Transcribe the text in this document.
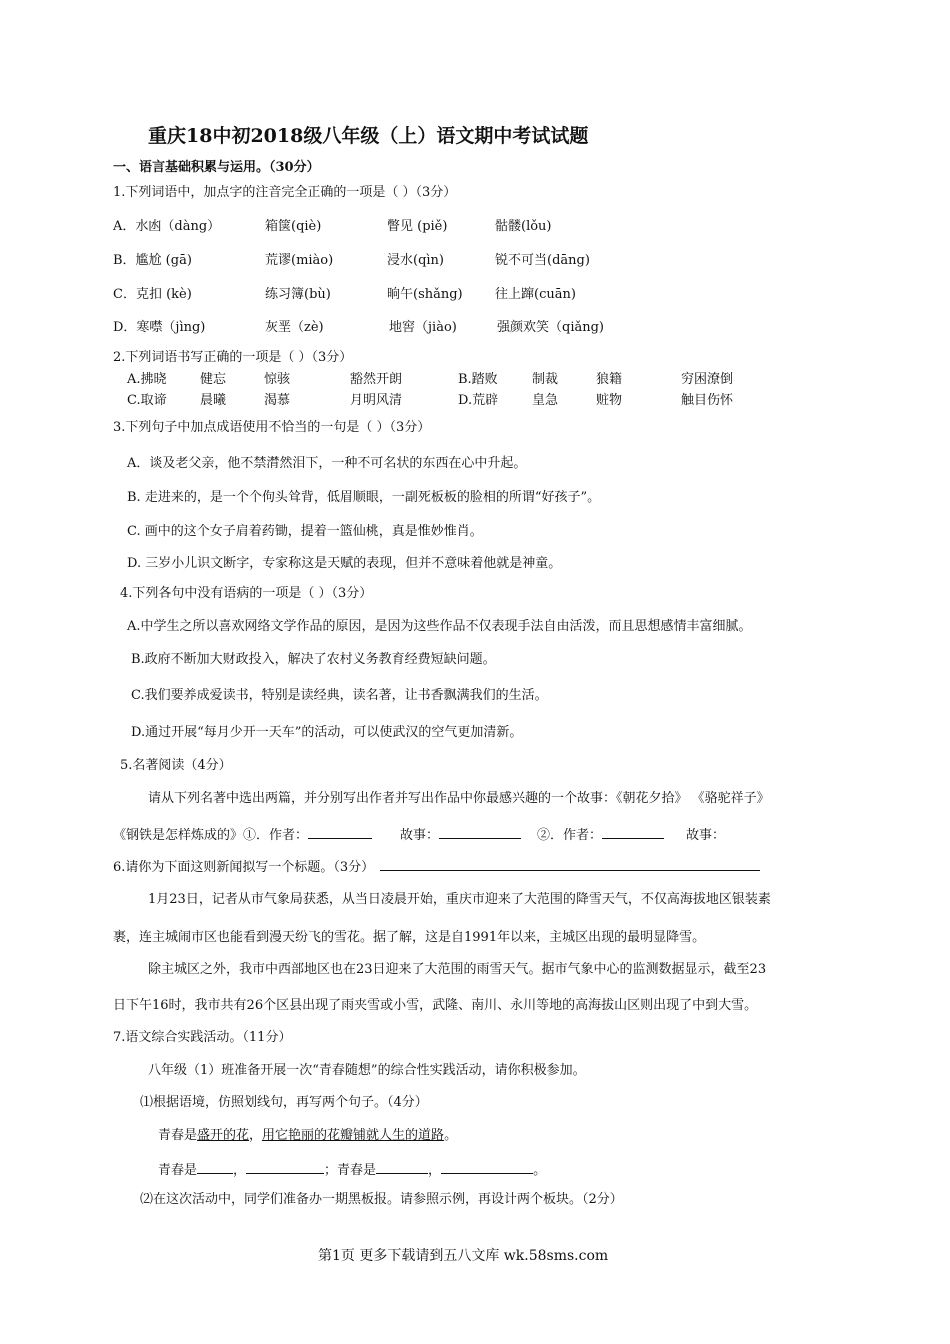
重庆18中初2018级八年级（上）语文期中考试试题
一、语言基础积累与运用。（30分）
1.下列词语中，加点字的注音完全正确的一项是（ ）（3分）
A．水凼（dàng）	箱箧(qiè)	瞥见 (piě)	骷髅(lǒu)
B．尴尬 (gā)	荒谬(miào)	浸水(qìn)	锐不可当(dāng)
C．克扣 (kè)	练习簿(bù)	晌午(shǎng) 往上蹿(cuān)
D．寒噤（jìng)	灰垩（zè)	地窖（jiào)	强颜欢笑（qiǎng)
2.下列词语书写正确的一项是（ ）（3分）
A.拂晓	健忘	惊骇	豁然开朗	B.踏败	制裁	狼籍	穷困潦倒
C.取谛	晨曦	渴慕	月明风清	D.荒辟	皇急	赃物	触目伤怀
3.下列句子中加点成语使用不恰当的一句是（ ）（3分）
A．谈及老父亲，他不禁潸然泪下，一种不可名状的东西在心中升起。
B. 走进来的，是一个个佝头耸背，低眉顺眼，一副死板板的脸相的所谓“好孩子”。
C. 画中的这个女子肩着药锄，提着一篮仙桃，真是惟妙惟肖。
D. 三岁小儿识文断字，专家称这是天赋的表现，但并不意味着他就是神童。
4.下列各句中没有语病的一项是（ ）（3分）
A.中学生之所以喜欢网络文学作品的原因，是因为这些作品不仅表现手法自由活泼，而且思想感情丰富细腻。
B.政府不断加大财政投入，解决了农村义务教育经费短缺问题。
C.我们要养成爱读书，特别是读经典，读名著，让书香飘满我们的生活。
D.通过开展“每月少开一天车”的活动，可以使武汉的空气更加清新。
5.名著阅读（4分）
请从下列名著中选出两篇，并分别写出作者并写出作品中你最感兴趣的一个故事：《朝花夕拾》 《骆驼祥子》
《钢铁是怎样炼成的》①．作者：	故事：	②．作者：	故事：
6.请你为下面这则新闻拟写一个标题。（3分）
1月23日，记者从市气象局获悉，从当日凌晨开始，重庆市迎来了大范围的降雪天气，不仅高海拔地区银装素
裹，连主城闹市区也能看到漫天纷飞的雪花。据了解，这是自1991年以来，主城区出现的最明显降雪。
除主城区之外，我市中西部地区也在23日迎来了大范围的雨雪天气。据市气象中心的监测数据显示，截至23
日下午16时，我市共有26个区县出现了雨夹雪或小雪，武隆、南川、永川等地的高海拔山区则出现了中到大雪。
7.语文综合实践活动。（11分）
八年级（1）班准备开展一次“青春随想”的综合性实践活动，请你积极参加。
⑴根据语境，仿照划线句，再写两个句子。（4分）
青春是盛开的花，用它艳丽的花瓣铺就人生的道路。
青春是	，	；青春是	，	。
⑵在这次活动中，同学们准备办一期黑板报。请参照示例，再设计两个板块。（2分）
第1页 更多下载请到五八文库 wk.58sms.com
